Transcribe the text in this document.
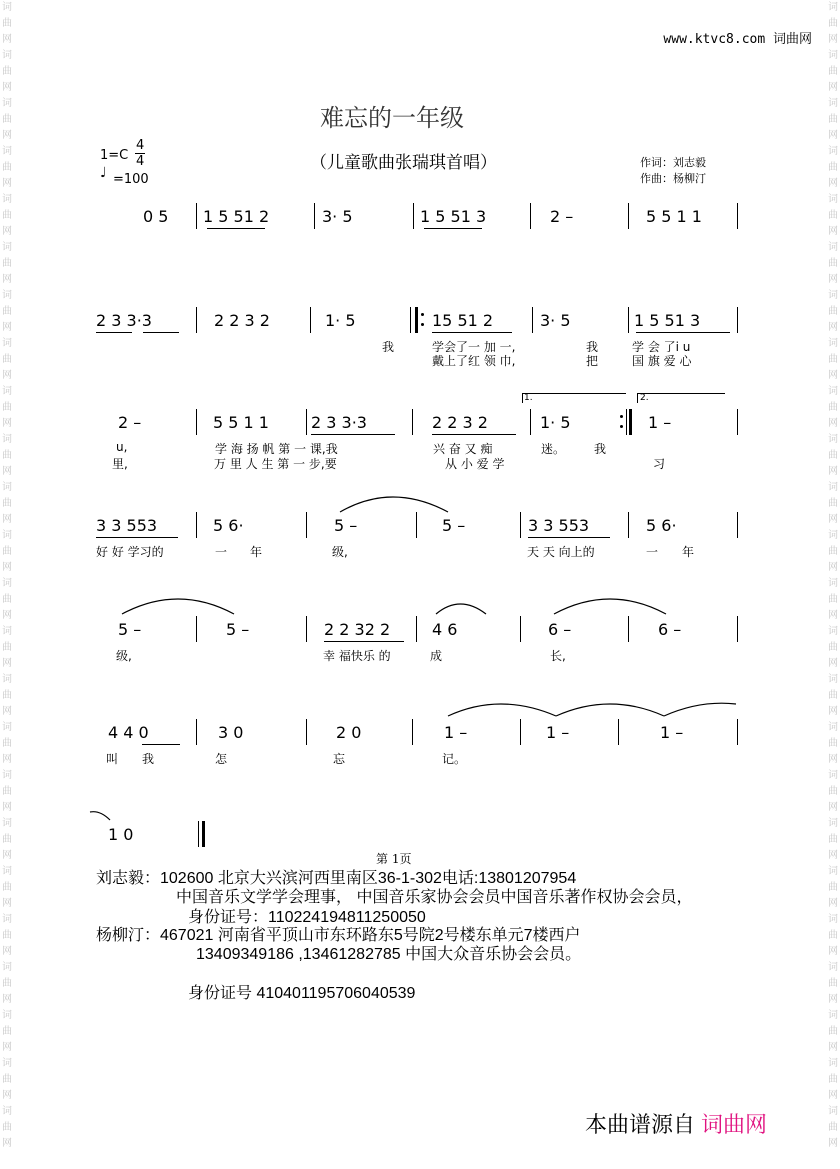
词
曲
网
词
曲
网
词
曲
网
词
曲
网
词
曲
网
词
曲
网
词
曲
网
词
曲
网
词
曲
网
词
曲
网
词
曲
网
词
曲
网
词
曲
网
词
曲
网
词
曲
网
词
曲
网
词
曲
网
词
曲
网
词
曲
网
词
曲
网
词
曲
网
词
曲
网
词
曲
网
词
曲
网
词
曲
网
词
曲
网
词
曲
网
词
曲
网
词
曲
网
词
曲
网
词
曲
网
词
曲
网
词
曲
网
词
曲
网
词
曲
网
词
曲
网
词
曲
网
词
曲
网
词
曲
网
词
曲
网
词
曲
网
词
曲
网
词
曲
网
词
曲
网
词
曲
网
词
曲
网
词
曲
网
词
曲
网
www.ktvc8.com 词曲网
难忘的一年级
（儿童歌曲张瑞琪首唱）
1=C
4
4
♩ =100
作词：刘志毅
作曲：杨柳汀
1.	2.
0 5 1 5 51 2	3· 5	1 5 51 3	2 –	5 5 1 1
2 3 3·3	2 2 3 2	1· 5	15 51 2	3· 5	1 5 51 3
2 –	5 5 1 1	2 3 3·3	2 2 3 2	1· 5	1 –
3 3 553	5 6·	5 –	5 –	3 3 553	5 6·
5 –	5 –	2 2 32 2	4 6	6 –	6 –
4 4 0	3 0	2 0	1 –	1 –	1 –
1 0
我	学会了一 加 一,	我	学 会 了i u
戴上了红 领 巾,	把	国 旗 爱 心
u,	学 海 扬 帆 第 一 课,我	兴 奋 又 痴	迷。 我
里,	万 里 人 生 第 一 步,要	从 小 爱 学	习
好 好 学习的	一 年	级,	天 天 向上的	一 年
级,	幸 福快乐 的	成	长,
叫 我	怎	忘	记。
刘志毅：102600 北京大兴滨河西里南区36-1-302电话:13801207954
中国音乐文学学会理事， 中国音乐家协会会员中国音乐著作权协会会员，
身份证号：110224194811250050
杨柳汀：467021 河南省平顶山市东环路东5号院2号楼东单元7楼西户
13409349186 ,13461282785 中国大众音乐协会会员。
身份证号 410401195706040539
第 1页
本曲谱源自 词曲网
